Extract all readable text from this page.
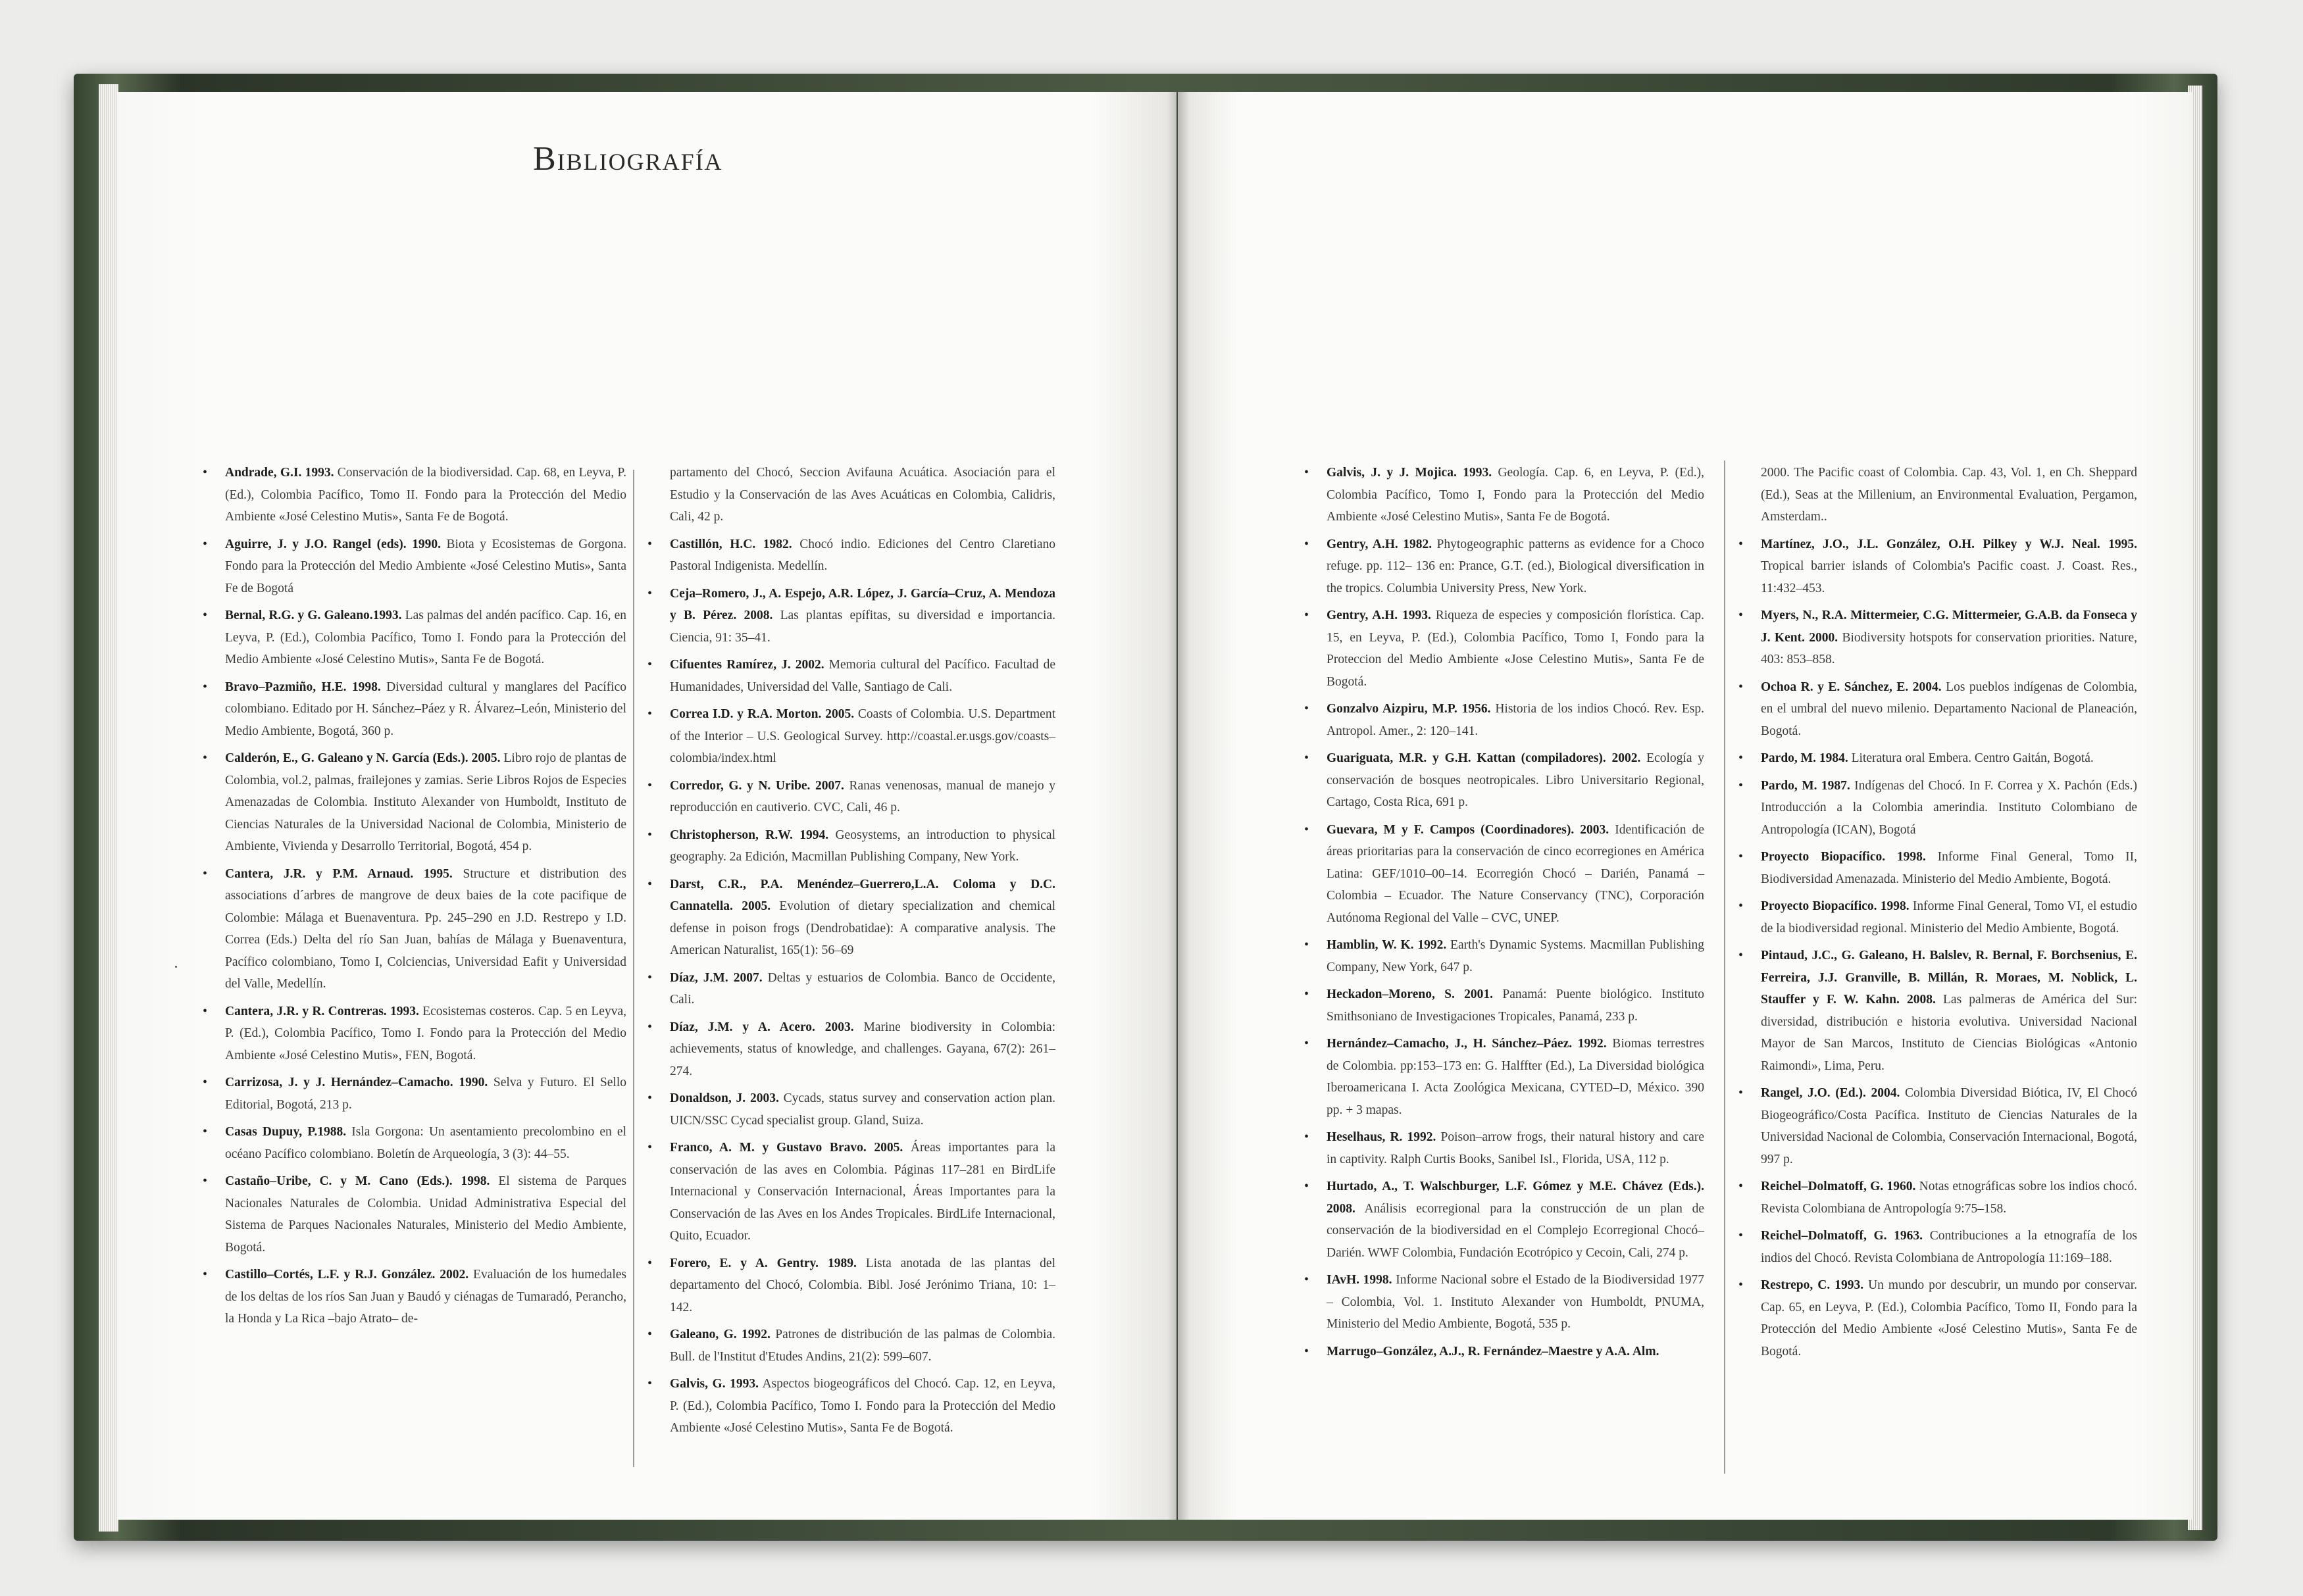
Bibliografía
• Andrade, G.I. 1993. Conservación de la biodiversidad. Cap. 68, en Leyva, P. (Ed.), Colombia Pacífico, Tomo II. Fondo para la Protección del Medio Ambiente «José Celestino Mutis», Santa Fe de Bogotá.
• Aguirre, J. y J.O. Rangel (eds). 1990. Biota y Ecosistemas de Gorgona. Fondo para la Protección del Medio Ambiente «José Celestino Mutis», Santa Fe de Bogotá
• Bernal, R.G. y G. Galeano.1993. Las palmas del andén pacífico. Cap. 16, en Leyva, P. (Ed.), Colombia Pacífico, Tomo I. Fondo para la Protección del Medio Ambiente «José Celestino Mutis», Santa Fe de Bogotá.
• Bravo–Pazmiño, H.E. 1998. Diversidad cultural y manglares del Pacífico colombiano. Editado por H. Sánchez–Páez y R. Álvarez–León, Ministerio del Medio Ambiente, Bogotá, 360 p.
• Calderón, E., G. Galeano y N. García (Eds.). 2005. Libro rojo de plantas de Colombia, vol.2, palmas, frailejones y zamias. Serie Libros Rojos de Especies Amenazadas de Colombia. Instituto Alexander von Humboldt, Instituto de Ciencias Naturales de la Universidad Nacional de Colombia, Ministerio de Ambiente, Vivienda y Desarrollo Territorial, Bogotá, 454 p.
• Cantera, J.R. y P.M. Arnaud. 1995. Structure et distribution des associations d´arbres de mangrove de deux baies de la cote pacifique de Colombie: Málaga et Buenaventura. Pp. 245–290 en J.D. Restrepo y I.D. Correa (Eds.) Delta del río San Juan, bahías de Málaga y Buenaventura, Pacífico colombiano, Tomo I, Colciencias, Universidad Eafit y Universidad del Valle, Medellín.
• Cantera, J.R. y R. Contreras. 1993. Ecosistemas costeros. Cap. 5 en Leyva, P. (Ed.), Colombia Pacífico, Tomo I. Fondo para la Protección del Medio Ambiente «José Celestino Mutis», FEN, Bogotá.
• Carrizosa, J. y J. Hernández–Camacho. 1990. Selva y Futuro. El Sello Editorial, Bogotá, 213 p.
• Casas Dupuy, P.1988. Isla Gorgona: Un asentamiento precolombino en el océano Pacífico colombiano. Boletín de Arqueología, 3 (3): 44–55.
• Castaño–Uribe, C. y M. Cano (Eds.). 1998. El sistema de Parques Nacionales Naturales de Colombia. Unidad Administrativa Especial del Sistema de Parques Nacionales Naturales, Ministerio del Medio Ambiente, Bogotá.
• Castillo–Cortés, L.F. y R.J. González. 2002. Evaluación de los humedales de los deltas de los ríos San Juan y Baudó y ciénagas de Tumaradó, Perancho, la Honda y La Rica –bajo Atrato– de-
partamento del Chocó, Seccion Avifauna Acuática. Asociación para el Estudio y la Conservación de las Aves Acuáticas en Colombia, Calidris, Cali, 42 p.
• Castillón, H.C. 1982. Chocó indio. Ediciones del Centro Claretiano Pastoral Indigenista. Medellín.
• Ceja–Romero, J., A. Espejo, A.R. López, J. García–Cruz, A. Mendoza y B. Pérez. 2008. Las plantas epífitas, su diversidad e importancia. Ciencia, 91: 35–41.
• Cifuentes Ramírez, J. 2002. Memoria cultural del Pacífico. Facultad de Humanidades, Universidad del Valle, Santiago de Cali.
• Correa I.D. y R.A. Morton. 2005. Coasts of Colombia. U.S. Department of the Interior – U.S. Geological Survey. http://coastal.er.usgs.gov/coasts–colombia/index.html
• Corredor, G. y N. Uribe. 2007. Ranas venenosas, manual de manejo y reproducción en cautiverio. CVC, Cali, 46 p.
• Christopherson, R.W. 1994. Geosystems, an introduction to physical geography. 2a Edición, Macmillan Publishing Company, New York.
• Darst, C.R., P.A. Menéndez–Guerrero,L.A. Coloma y D.C. Cannatella. 2005. Evolution of dietary specialization and chemical defense in poison frogs (Dendrobatidae): A comparative analysis. The American Naturalist, 165(1): 56–69
• Díaz, J.M. 2007. Deltas y estuarios de Colombia. Banco de Occidente, Cali.
• Díaz, J.M. y A. Acero. 2003. Marine biodiversity in Colombia: achievements, status of knowledge, and challenges. Gayana, 67(2): 261–274.
• Donaldson, J. 2003. Cycads, status survey and conservation action plan. UICN/SSC Cycad specialist group. Gland, Suiza.
• Franco, A. M. y Gustavo Bravo. 2005. Áreas importantes para la conservación de las aves en Colombia. Páginas 117–281 en BirdLife Internacional y Conservación Internacional, Áreas Importantes para la Conservación de las Aves en los Andes Tropicales. BirdLife Internacional, Quito, Ecuador.
• Forero, E. y A. Gentry. 1989. Lista anotada de las plantas del departamento del Chocó, Colombia. Bibl. José Jerónimo Triana, 10: 1–142.
• Galeano, G. 1992. Patrones de distribución de las palmas de Colombia. Bull. de l'Institut d'Etudes Andins, 21(2): 599–607.
• Galvis, G. 1993. Aspectos biogeográficos del Chocó. Cap. 12, en Leyva, P. (Ed.), Colombia Pacífico, Tomo I. Fondo para la Protección del Medio Ambiente «José Celestino Mutis», Santa Fe de Bogotá.
• Galvis, J. y J. Mojica. 1993. Geología. Cap. 6, en Leyva, P. (Ed.), Colombia Pacífico, Tomo I, Fondo para la Protección del Medio Ambiente «José Celestino Mutis», Santa Fe de Bogotá.
• Gentry, A.H. 1982. Phytogeographic patterns as evidence for a Choco refuge. pp. 112– 136 en: Prance, G.T. (ed.), Biological diversification in the tropics. Columbia University Press, New York.
• Gentry, A.H. 1993. Riqueza de especies y composición florística. Cap. 15, en Leyva, P. (Ed.), Colombia Pacífico, Tomo I, Fondo para la Proteccion del Medio Ambiente «Jose Celestino Mutis», Santa Fe de Bogotá.
• Gonzalvo Aizpiru, M.P. 1956. Historia de los indios Chocó. Rev. Esp. Antropol. Amer., 2: 120–141.
• Guariguata, M.R. y G.H. Kattan (compiladores). 2002. Ecología y conservación de bosques neotropicales. Libro Universitario Regional, Cartago, Costa Rica, 691 p.
• Guevara, M y F. Campos (Coordinadores). 2003. Identificación de áreas prioritarias para la conservación de cinco ecorregiones en América Latina: GEF/1010–00–14. Ecorregión Chocó – Darién, Panamá – Colombia – Ecuador. The Nature Conservancy (TNC), Corporación Autónoma Regional del Valle – CVC, UNEP.
• Hamblin, W. K. 1992. Earth's Dynamic Systems. Macmillan Publishing Company, New York, 647 p.
• Heckadon–Moreno, S. 2001. Panamá: Puente biológico. Instituto Smithsoniano de Investigaciones Tropicales, Panamá, 233 p.
• Hernández–Camacho, J., H. Sánchez–Páez. 1992. Biomas terrestres de Colombia. pp:153–173 en: G. Halffter (Ed.), La Diversidad biológica Iberoamericana I. Acta Zoológica Mexicana, CYTED–D, México. 390 pp. + 3 mapas.
• Heselhaus, R. 1992. Poison–arrow frogs, their natural history and care in captivity. Ralph Curtis Books, Sanibel Isl., Florida, USA, 112 p.
• Hurtado, A., T. Walschburger, L.F. Gómez y M.E. Chávez (Eds.). 2008. Análisis ecorregional para la construcción de un plan de conservación de la biodiversidad en el Complejo Ecorregional Chocó–Darién. WWF Colombia, Fundación Ecotrópico y Cecoin, Cali, 274 p.
• IAvH. 1998. Informe Nacional sobre el Estado de la Biodiversidad 1977 – Colombia, Vol. 1. Instituto Alexander von Humboldt, PNUMA, Ministerio del Medio Ambiente, Bogotá, 535 p.
• Marrugo–González, A.J., R. Fernández–Maestre y A.A. Alm.
2000. The Pacific coast of Colombia. Cap. 43, Vol. 1, en Ch. Sheppard (Ed.), Seas at the Millenium, an Environmental Evaluation, Pergamon, Amsterdam..
• Martínez, J.O., J.L. González, O.H. Pilkey y W.J. Neal. 1995. Tropical barrier islands of Colombia's Pacific coast. J. Coast. Res., 11:432–453.
• Myers, N., R.A. Mittermeier, C.G. Mittermeier, G.A.B. da Fonseca y J. Kent. 2000. Biodiversity hotspots for conservation priorities. Nature, 403: 853–858.
• Ochoa R. y E. Sánchez, E. 2004. Los pueblos indígenas de Colombia, en el umbral del nuevo milenio. Departamento Nacional de Planeación, Bogotá.
• Pardo, M. 1984. Literatura oral Embera. Centro Gaitán, Bogotá.
• Pardo, M. 1987. Indígenas del Chocó. In F. Correa y X. Pachón (Eds.) Introducción a la Colombia amerindia. Instituto Colombiano de Antropología (ICAN), Bogotá
• Proyecto Biopacífico. 1998. Informe Final General, Tomo II, Biodiversidad Amenazada. Ministerio del Medio Ambiente, Bogotá.
• Proyecto Biopacífico. 1998. Informe Final General, Tomo VI, el estudio de la biodiversidad regional. Ministerio del Medio Ambiente, Bogotá.
• Pintaud, J.C., G. Galeano, H. Balslev, R. Bernal, F. Borchsenius, E. Ferreira, J.J. Granville, B. Millán, R. Moraes, M. Noblick, L. Stauffer y F. W. Kahn. 2008. Las palmeras de América del Sur: diversidad, distribución e historia evolutiva. Universidad Nacional Mayor de San Marcos, Instituto de Ciencias Biológicas «Antonio Raimondi», Lima, Peru.
• Rangel, J.O. (Ed.). 2004. Colombia Diversidad Biótica, IV, El Chocó Biogeográfico/Costa Pacífica. Instituto de Ciencias Naturales de la Universidad Nacional de Colombia, Conservación Internacional, Bogotá, 997 p.
• Reichel–Dolmatoff, G. 1960. Notas etnográficas sobre los indios chocó. Revista Colombiana de Antropología 9:75–158.
• Reichel–Dolmatoff, G. 1963. Contribuciones a la etnografía de los indios del Chocó. Revista Colombiana de Antropología 11:169–188.
• Restrepo, C. 1993. Un mundo por descubrir, un mundo por conservar. Cap. 65, en Leyva, P. (Ed.), Colombia Pacífico, Tomo II, Fondo para la Protección del Medio Ambiente «José Celestino Mutis», Santa Fe de Bogotá.
